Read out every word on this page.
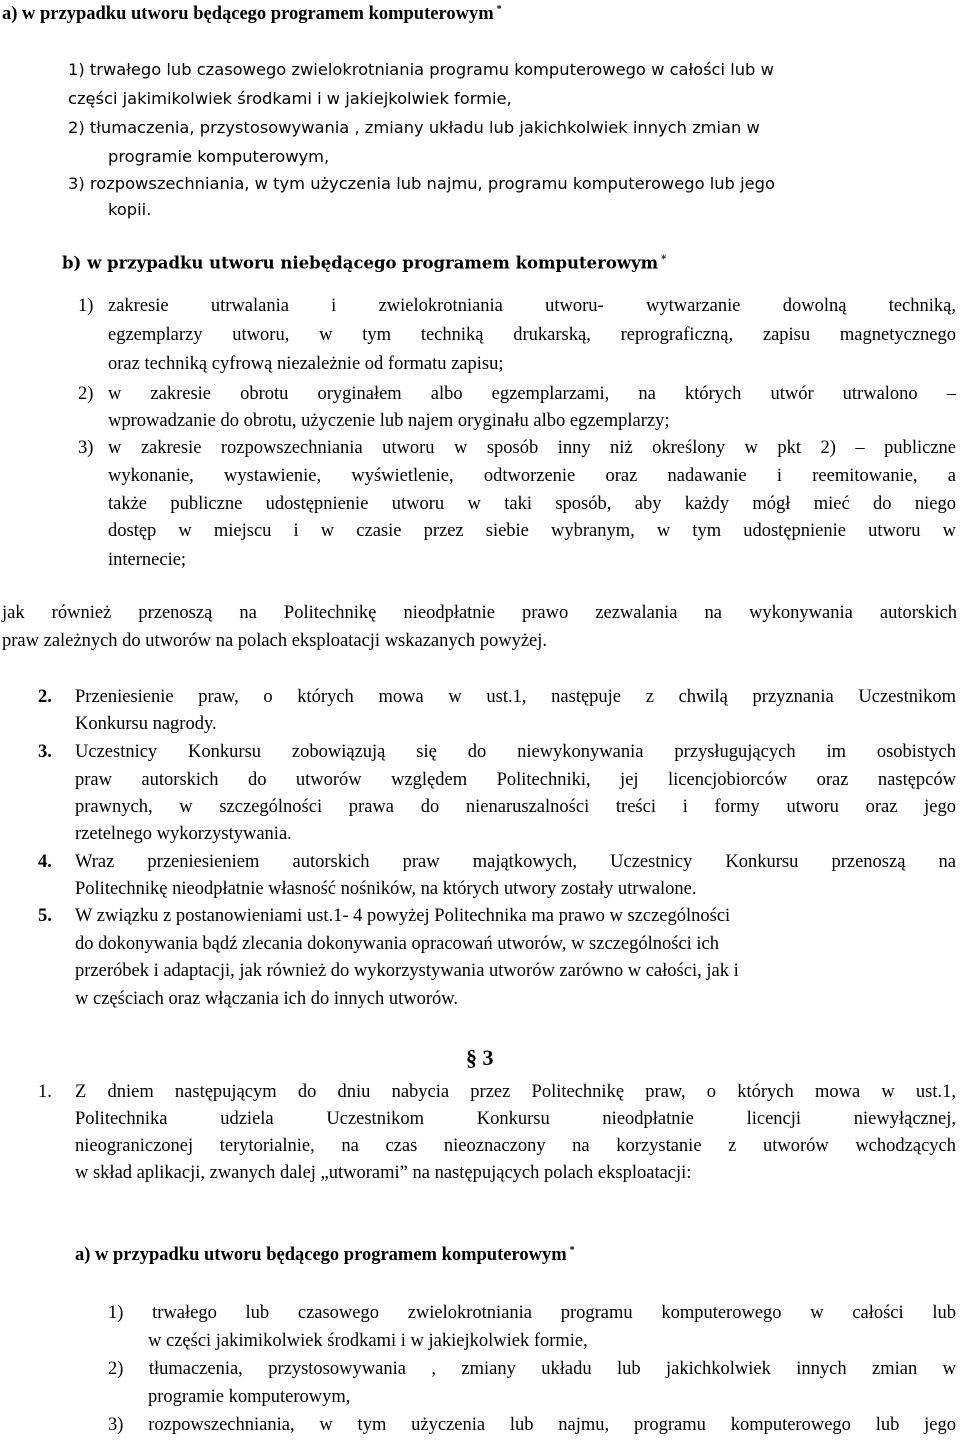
a) w przypadku utworu będącego programem komputerowym *
1) trwałego lub czasowego zwielokrotniania programu komputerowego w całości lub w
części jakimikolwiek środkami i w jakiejkolwiek formie,
2) tłumaczenia, przystosowywania , zmiany układu lub jakichkolwiek innych zmian w
programie komputerowym,
3) rozpowszechniania, w tym użyczenia lub najmu, programu komputerowego lub jego
kopii.
b) w przypadku utworu niebędącego programem komputerowym *
1) zakresie utrwalania i zwielokrotniania utworu- wytwarzanie dowolną techniką,
egzemplarzy utworu, w tym techniką drukarską, reprograficzną, zapisu magnetycznego
oraz techniką cyfrową niezależnie od formatu zapisu;
2) w zakresie obrotu oryginałem albo egzemplarzami, na których utwór utrwalono –
wprowadzanie do obrotu, użyczenie lub najem oryginału albo egzemplarzy;
3) w zakresie rozpowszechniania utworu w sposób inny niż określony w pkt 2) – publiczne
wykonanie, wystawienie, wyświetlenie, odtworzenie oraz nadawanie i reemitowanie, a
także publiczne udostępnienie utworu w taki sposób, aby każdy mógł mieć do niego
dostęp w miejscu i w czasie przez siebie wybranym, w tym udostępnienie utworu w
internecie;
jak również przenoszą na Politechnikę nieodpłatnie prawo zezwalania na wykonywania autorskich
praw zależnych do utworów na polach eksploatacji wskazanych powyżej.
2. Przeniesienie praw, o których mowa w ust.1, następuje z chwilą przyznania Uczestnikom
Konkursu nagrody.
3. Uczestnicy Konkursu zobowiązują się do niewykonywania przysługujących im osobistych
praw autorskich do utworów względem Politechniki, jej licencjobiorców oraz następców
prawnych, w szczególności prawa do nienaruszalności treści i formy utworu oraz jego
rzetelnego wykorzystywania.
4. Wraz przeniesieniem autorskich praw majątkowych, Uczestnicy Konkursu przenoszą na
Politechnikę nieodpłatnie własność nośników, na których utwory zostały utrwalone.
5. W związku z postanowieniami ust.1- 4 powyżej Politechnika ma prawo w szczególności
do dokonywania bądź zlecania dokonywania opracowań utworów, w szczególności ich
przeróbek i adaptacji, jak również do wykorzystywania utworów zarówno w całości, jak i
w częściach oraz włączania ich do innych utworów.
§ 3
1. Z dniem następującym do dniu nabycia przez Politechnikę praw, o których mowa w ust.1,
Politechnika udziela Uczestnikom Konkursu nieodpłatnie licencji niewyłącznej,
nieograniczonej terytorialnie, na czas nieoznaczony na korzystanie z utworów wchodzących
w skład aplikacji, zwanych dalej „utworami” na następujących polach eksploatacji:
a) w przypadku utworu będącego programem komputerowym *
1) trwałego lub czasowego zwielokrotniania programu komputerowego w całości lub
w części jakimikolwiek środkami i w jakiejkolwiek formie,
2) tłumaczenia, przystosowywania , zmiany układu lub jakichkolwiek innych zmian w
programie komputerowym,
3) rozpowszechniania, w tym użyczenia lub najmu, programu komputerowego lub jego
